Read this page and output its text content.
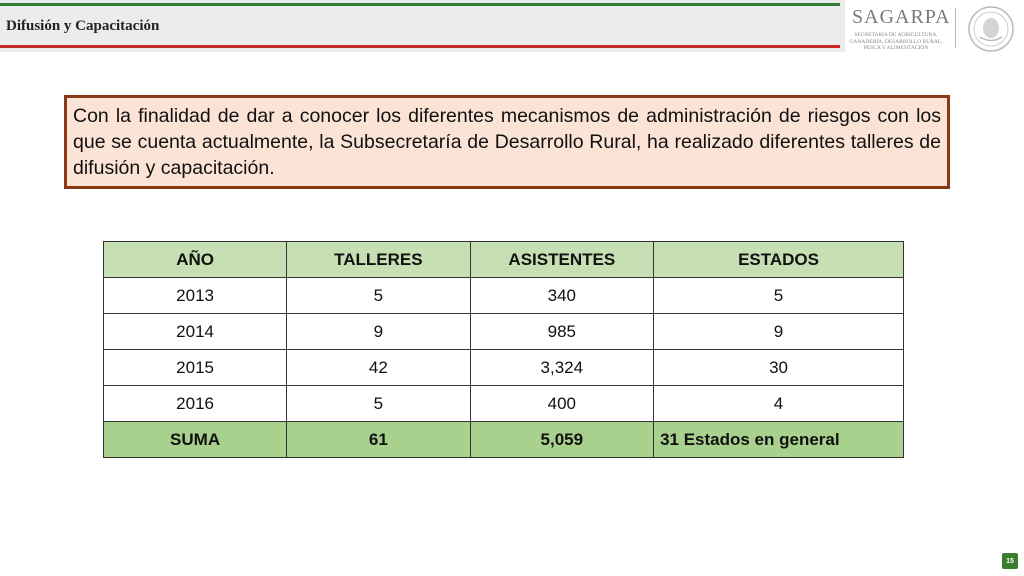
Difusión y Capacitación	SAGARPA
SECRETARÍA DE AGRICULTURA, GANADERÍA, DESARROLLO RURAL, PESCA Y ALIMENTACIÓN
Con la finalidad de dar a conocer los diferentes mecanismos de administración de riesgos con los que se cuenta actualmente, la Subsecretaría de Desarrollo Rural, ha realizado diferentes talleres de difusión y capacitación.
AÑO	TALLERES	ASISTENTES	ESTADOS
2013	5	340	5
2014	9	985	9
2015	42	3,324	30
2016	5	400	4
SUMA	61	5,059	31 Estados en general
15
